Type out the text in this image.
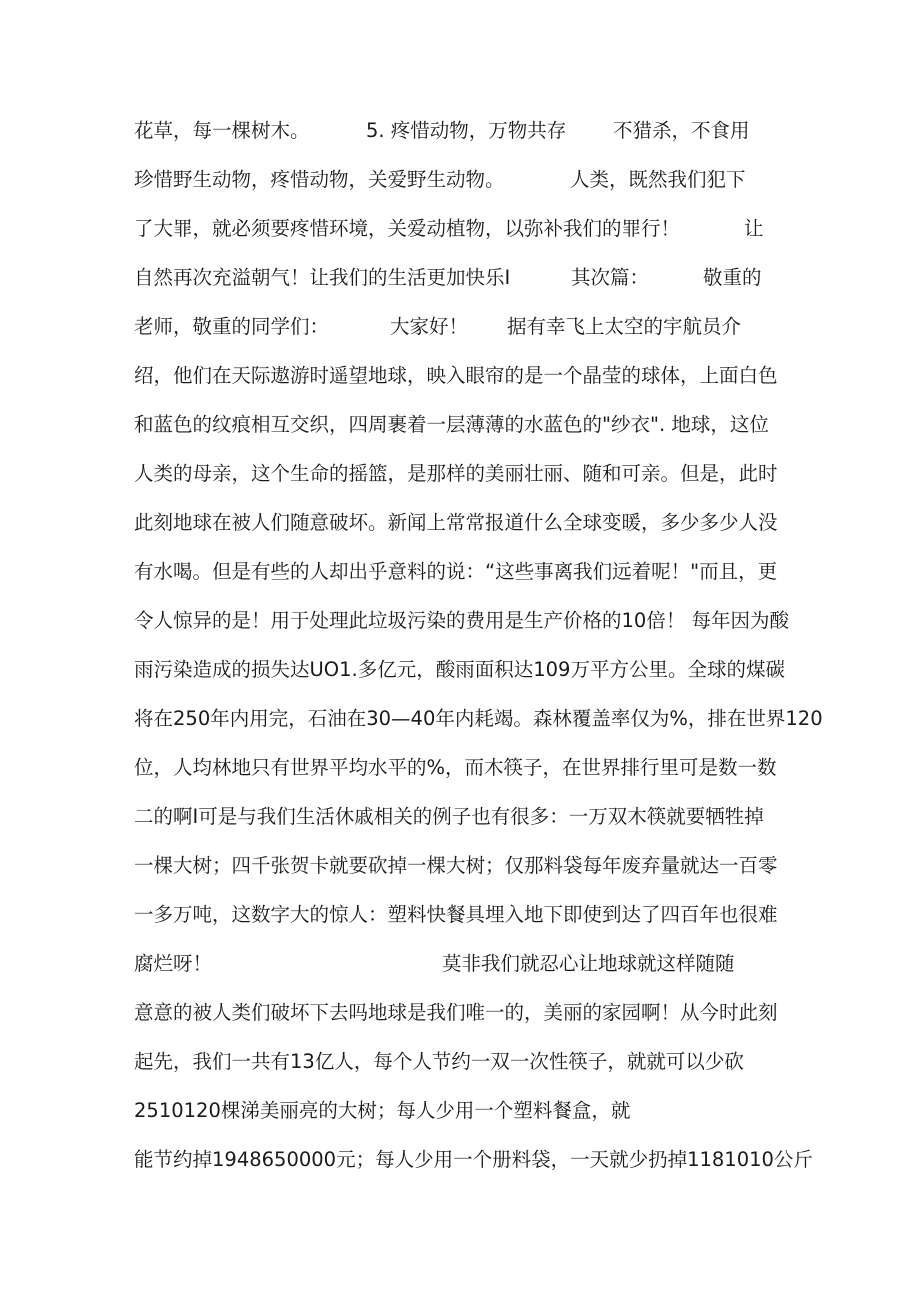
花草，每一棵树木。

	5. 疼惜动物，万物共存

不猎杀，不食用

珍惜野生动物，疼惜动物，关爱野生动物。

	人类，既然我们犯下

了大罪，就必须要疼惜环境，关爱动植物，以弥补我们的罪行！

	让

自然再次充溢朝气！让我们的生活更加快乐I

	其次篇：

	敬重的

老师，敬重的同学们：

	大家好！

据有幸飞上太空的宇航员介

绍，他们在天际遨游时遥望地球，映入眼帘的是一个晶莹的球体，上面白色

和蓝色的纹痕相互交织，四周裹着一层薄薄的水蓝色的"纱衣". 地球，这位

人类的母亲，这个生命的摇篮，是那样的美丽壮丽、随和可亲。但是，此时

此刻地球在被人们随意破坏。新闻上常常报道什么全球变暖，多少多少人没

有水喝。但是有些的人却出乎意料的说：“这些事离我们远着呢！"而且，更

令人惊异的是！用于处理此垃圾污染的费用是生产价格的10倍！ 每年因为酸

雨污染造成的损失达UO1.多亿元，酸雨面积达109万平方公里。全球的煤碳

将在250年内用完，石油在30—40年内耗竭。森林覆盖率仅为%，排在世界120

位，人均林地只有世界平均水平的%，而木筷子，在世界排行里可是数一数

二的啊I可是与我们生活休戚相关的例子也有很多：一万双木筷就要牺牲掉

一棵大树；四千张贺卡就要砍掉一棵大树；仅那料袋每年废弃量就达一百零

一多万吨，这数字大的惊人：塑料快餐具埋入地下即使到达了四百年也很难

腐烂呀！

	莫非我们就忍心让地球就这样随随

意意的被人类们破坏下去吗地球是我们唯一的，美丽的家园啊！从今时此刻

起先，我们一共有13亿人，每个人节约一双一次性筷子，就就可以少砍

2510120棵涕美丽亮的大树；每人少用一个塑料餐盒，就

能节约掉1948650000元；每人少用一个册料袋，一天就少扔掉1181010公斤
